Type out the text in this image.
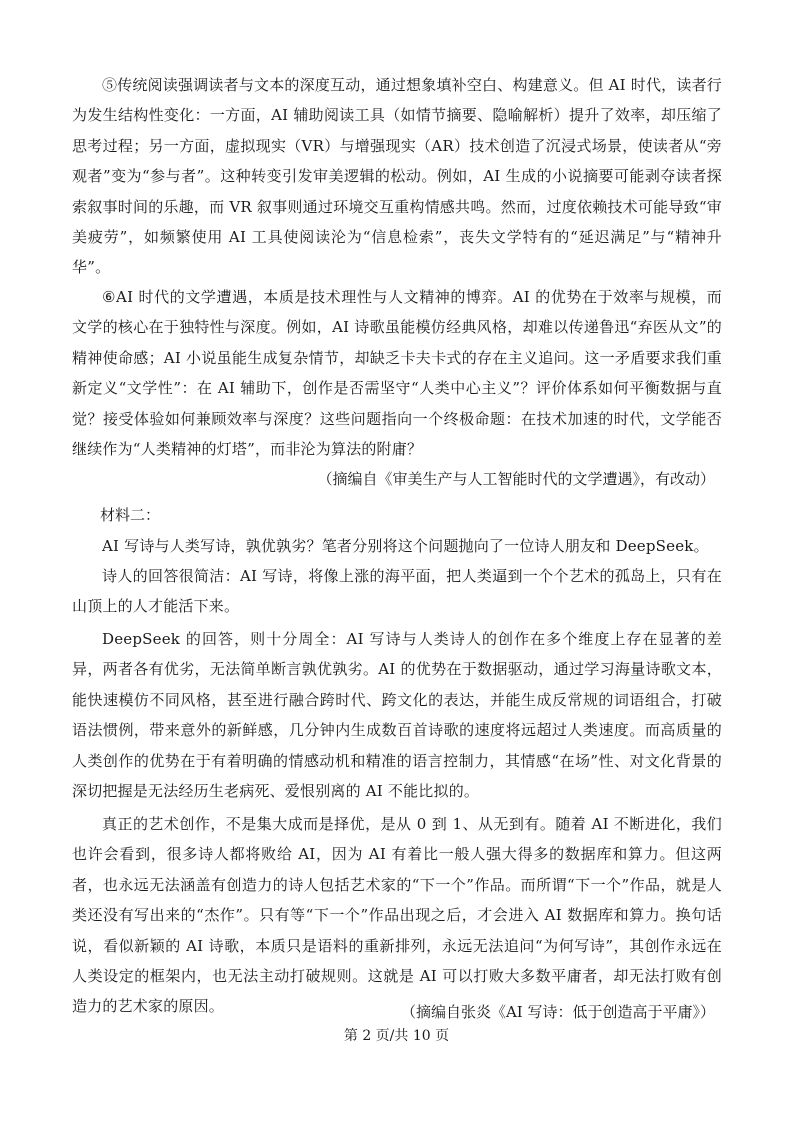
⑤传统阅读强调读者与文本的深度互动，通过想象填补空白、构建意义。但 AI 时代，读者行为发生结构性变化：一方面，AI 辅助阅读工具（如情节摘要、隐喻解析）提升了效率，却压缩了思考过程；另一方面，虚拟现实（VR）与增强现实（AR）技术创造了沉浸式场景，使读者从“旁观者”变为“参与者”。这种转变引发审美逻辑的松动。例如，AI 生成的小说摘要可能剥夺读者探索叙事时间的乐趣，而 VR 叙事则通过环境交互重构情感共鸣。然而，过度依赖技术可能导致“审美疲劳”，如频繁使用 AI 工具使阅读沦为“信息检索”，丧失文学特有的“延迟满足”与“精神升华”。

⑥AI 时代的文学遭遇，本质是技术理性与人文精神的博弈。AI 的优势在于效率与规模，而文学的核心在于独特性与深度。例如，AI 诗歌虽能模仿经典风格，却难以传递鲁迅“弃医从文”的精神使命感；AI 小说虽能生成复杂情节，却缺乏卡夫卡式的存在主义追问。这一矛盾要求我们重新定义“文学性”：在 AI 辅助下，创作是否需坚守“人类中心主义”？评价体系如何平衡数据与直觉？接受体验如何兼顾效率与深度？这些问题指向一个终极命题：在技术加速的时代，文学能否继续作为“人类精神的灯塔”，而非沦为算法的附庸？

（摘编自《审美生产与人工智能时代的文学遭遇》，有改动）

材料二：

AI 写诗与人类写诗，孰优孰劣？笔者分别将这个问题抛向了一位诗人朋友和 DeepSeek。

诗人的回答很简洁：AI 写诗，将像上涨的海平面，把人类逼到一个个艺术的孤岛上，只有在山顶上的人才能活下来。

DeepSeek 的回答，则十分周全：AI 写诗与人类诗人的创作在多个维度上存在显著的差异，两者各有优劣，无法简单断言孰优孰劣。AI 的优势在于数据驱动，通过学习海量诗歌文本，能快速模仿不同风格，甚至进行融合跨时代、跨文化的表达，并能生成反常规的词语组合，打破语法惯例，带来意外的新鲜感，几分钟内生成数百首诗歌的速度将远超过人类速度。而高质量的人类创作的优势在于有着明确的情感动机和精准的语言控制力，其情感“在场”性、对文化背景的深切把握是无法经历生老病死、爱恨别离的 AI 不能比拟的。

真正的艺术创作，不是集大成而是择优，是从 0 到 1、从无到有。随着 AI 不断进化，我们也许会看到，很多诗人都将败给 AI，因为 AI 有着比一般人强大得多的数据库和算力。但这两者，也永远无法涵盖有创造力的诗人包括艺术家的“下一个”作品。而所谓“下一个”作品，就是人类还没有写出来的“杰作”。只有等“下一个”作品出现之后，才会进入 AI 数据库和算力。换句话说，看似新颖的 AI 诗歌，本质只是语料的重新排列，永远无法追问“为何写诗”，其创作永远在人类设定的框架内，也无法主动打破规则。这就是 AI 可以打败大多数平庸者，却无法打败有创造力的艺术家的原因。	（摘编自张炎《AI 写诗：低于创造高于平庸》）

第 2 页/共 10 页
